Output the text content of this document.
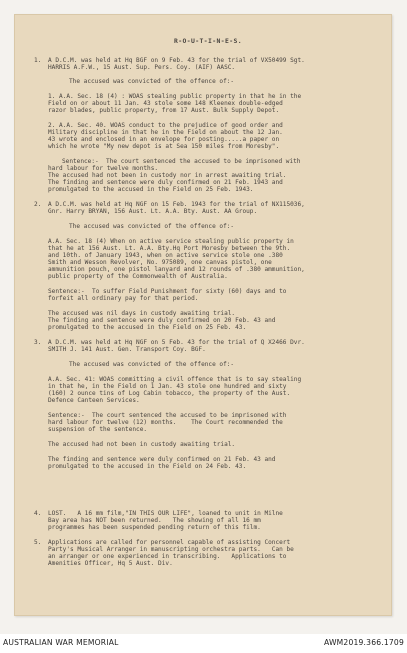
R-O-U-T-I-N-E-S.
1. A D.C.M. was held at Hq BGF on 9 Feb. 43 for the trial of VX50499 Sgt.
HARRIS A.F.W., 15 Aust. Sup. Pers. Coy. (AIF) AASC.
The accused was convicted of the offence of:-
1. A.A. Sec. 18 (4) : WOAS stealing public property in that he in the
Field on or about 11 Jan. 43 stole some 148 Kleenex double-edged
razor blades, public property, from 17 Aust. Bulk Supply Depot.
2. A.A. Sec. 40. WOAS conduct to the prejudice of good order and
Military discipline in that he in the Field on about the 12 Jan.
43 wrote and enclosed in an envelope for posting.....a paper on
which he wrote "My new depot is at Sea 150 miles from Moresby".
Sentence:-  The court sentenced the accused to be imprisoned with
hard labour for twelve months.
The accused had not been in custody nor in arrest awaiting trial.
The finding and sentence were duly confirmed on 21 Feb. 1943 and
promulgated to the accused in the Field on 25 Feb. 1943.
2. A D.C.M. was held at Hq NGF on 15 Feb. 1943 for the trial of NX115036,
Gnr. Harry BRYAN, 156 Aust. Lt. A.A. Bty. Aust. AA Group.
The accused was convicted of the offence of:-
A.A. Sec. 18 (4) When on active service stealing public property in
that he at 156 Aust. Lt. A.A. Bty.Hq Port Moresby between the 9th.
and 10th. of January 1943, when on active service stole one .380
Smith and Wesson Revolver, No. 975089, one canvas pistol, one
ammunition pouch, one pistol lanyard and 12 rounds of .380 ammunition,
public property of the Commonwealth of Australia.
Sentence:-  To suffer Field Punishment for sixty (60) days and to
forfeit all ordinary pay for that period.
The accused was nil days in custody awaiting trial.
The finding and sentence were duly confirmed on 20 Feb. 43 and
promulgated to the accused in the Field on 25 Feb. 43.
3. A D.C.M. was held at Hq NGF on 5 Feb. 43 for the trial of Q X2466 Dvr.
SMITH J. 141 Aust. Gen. Transport Coy. BGF.
The accused was convicted of the offence of:-
A.A. Sec. 41: WOAS committing a civil offence that is to say stealing
in that he, in the Field on 1 Jan. 43 stole one hundred and sixty
(160) 2 ounce tins of Log Cabin tobacco, the property of the Aust.
Defence Canteen Services.
Sentence:-  The court sentenced the accused to be imprisoned with
hard labour for twelve (12) months.    The Court recommended the
suspension of the sentence.
The accused had not been in custody awaiting trial.
The finding and sentence were duly confirmed on 21 Feb. 43 and
promulgated to the accused in the Field on 24 Feb. 43.
4. LOST.   A 16 mm film,"IN THIS OUR LIFE", loaned to unit in Milne
Bay area has NOT been returned.   The showing of all 16 mm
programmes has been suspended pending return of this film.
5. Applications are called for personnel capable of assisting Concert
Party's Musical Arranger in manuscripting orchestra parts.   Can be
an arranger or one experienced in transcribing.   Applications to
Amenities Officer, Hq 5 Aust. Div.
AUSTRALIAN WAR MEMORIAL	AWM2019.366.1709
